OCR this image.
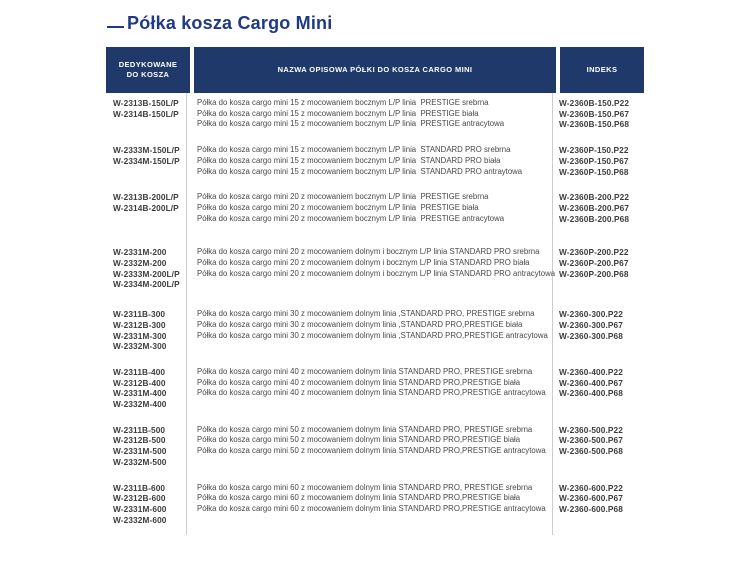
Półka kosza Cargo Mini
DEDYKOWANE DO KOSZA
NAZWA OPISOWA PÓŁKI DO KOSZA CARGO MINI	INDEKS
W-2313B-150L/P
W-2314B-150L/P
Półka do kosza cargo mini 15 z mocowaniem bocznym L/P linia  PRESTIGE srebrna
Półka do kosza cargo mini 15 z mocowaniem bocznym L/P linia  PRESTIGE biała
Półka do kosza cargo mini 15 z mocowaniem bocznym L/P linia  PRESTIGE antracytowa
W-2360B-150.P22
W-2360B-150.P67
W-2360B-150.P68
W-2333M-150L/P
W-2334M-150L/P
Półka do kosza cargo mini 15 z mocowaniem bocznym L/P linia  STANDARD PRO srebrna
Półka do kosza cargo mini 15 z mocowaniem bocznym L/P linia  STANDARD PRO biała
Półka do kosza cargo mini 15 z mocowaniem bocznym L/P linia  STANDARD PRO antraytowa
W-2360P-150.P22
W-2360P-150.P67
W-2360P-150.P68
W-2313B-200L/P
W-2314B-200L/P
Półka do kosza cargo mini 20 z mocowaniem bocznym L/P linia  PRESTIGE srebrna
Półka do kosza cargo mini 20 z mocowaniem bocznym L/P linia  PRESTIGE biała
Półka do kosza cargo mini 20 z mocowaniem bocznym L/P linia  PRESTIGE antracytowa
W-2360B-200.P22
W-2360B-200.P67
W-2360B-200.P68
W-2331M-200
W-2332M-200
W-2333M-200L/P
W-2334M-200L/P
Półka do kosza cargo mini 20 z mocowaniem dolnym i bocznym L/P linia STANDARD PRO srebrna
Półka do kosza cargo mini 20 z mocowaniem dolnym i bocznym L/P linia STANDARD PRO biała
Półka do kosza cargo mini 20 z mocowaniem dolnym i bocznym L/P linia STANDARD PRO antracytowa
W-2360P-200.P22
W-2360P-200.P67
W-2360P-200.P68
W-2311B-300
W-2312B-300
W-2331M-300
W-2332M-300
Półka do kosza cargo mini 30 z mocowaniem dolnym linia ,STANDARD PRO, PRESTIGE srebrna
Półka do kosza cargo mini 30 z mocowaniem dolnym linia ,STANDARD PRO,PRESTIGE biała
Półka do kosza cargo mini 30 z mocowaniem dolnym linia ,STANDARD PRO,PRESTIGE antracytowa
W-2360-300.P22
W-2360-300.P67
W-2360-300.P68
W-2311B-400
W-2312B-400
W-2331M-400
W-2332M-400
Półka do kosza cargo mini 40 z mocowaniem dolnym linia STANDARD PRO, PRESTIGE srebrna
Półka do kosza cargo mini 40 z mocowaniem dolnym linia STANDARD PRO,PRESTIGE biała
Półka do kosza cargo mini 40 z mocowaniem dolnym linia STANDARD PRO,PRESTIGE antracytowa
W-2360-400.P22
W-2360-400.P67
W-2360-400.P68
W-2311B-500
W-2312B-500
W-2331M-500
W-2332M-500
Półka do kosza cargo mini 50 z mocowaniem dolnym linia STANDARD PRO, PRESTIGE srebrna
Półka do kosza cargo mini 50 z mocowaniem dolnym linia STANDARD PRO,PRESTIGE biała
Półka do kosza cargo mini 50 z mocowaniem dolnym linia STANDARD PRO,PRESTIGE antracytowa
W-2360-500.P22
W-2360-500.P67
W-2360-500.P68
W-2311B-600
W-2312B-600
W-2331M-600
W-2332M-600
Półka do kosza cargo mini 60 z mocowaniem dolnym linia STANDARD PRO, PRESTIGE srebrna
Półka do kosza cargo mini 60 z mocowaniem dolnym linia STANDARD PRO,PRESTIGE biała
Półka do kosza cargo mini 60 z mocowaniem dolnym linia STANDARD PRO,PRESTIGE antracytowa
W-2360-600.P22
W-2360-600.P67
W-2360-600.P68
